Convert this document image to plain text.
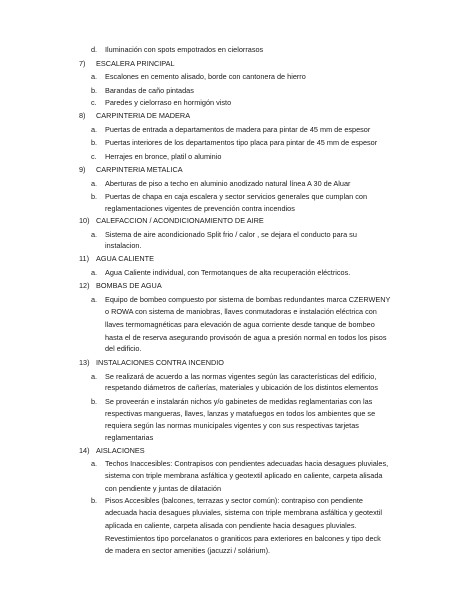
d. Iluminación con spots empotrados en cielorrasos
7) ESCALERA PRINCIPAL
a. Escalones en cemento alisado, borde con cantonera de hierro
b. Barandas de caño pintadas
c. Paredes y cielorraso en hormigón visto
8) CARPINTERIA DE MADERA
a. Puertas de entrada a departamentos de madera para pintar de 45 mm de espesor
b. Puertas interiores de los departamentos tipo placa para pintar de 45 mm de espesor
c. Herrajes en bronce, platil o aluminio
9) CARPINTERIA METALICA
a. Aberturas de piso a techo en aluminio anodizado natural línea A 30 de Aluar
b. Puertas de chapa en caja escalera y sector servicios generales que cumplan con
reglamentaciones vigentes de prevención contra incendios
10) CALEFACCION / ACONDICIONAMIENTO DE AIRE
a. Sistema de aire acondicionado Split frio / calor , se dejara el conducto para su
instalacion.
11) AGUA CALIENTE
a. Agua Caliente individual, con Termotanques de alta recuperación eléctricos.
12) BOMBAS DE AGUA
a. Equipo de bombeo compuesto por sistema de bombas redundantes marca CZERWENY
o ROWA con sistema de maniobras, llaves conmutadoras e instalación eléctrica con
llaves termomagnéticas para elevación de agua corriente desde tanque de bombeo
hasta el de reserva asegurando provisoón de agua a presión normal en todos los pisos
del edificio.
13) INSTALACIONES CONTRA INCENDIO
a. Se realizará de acuerdo a las normas vigentes según las características del edificio,
respetando diámetros de cañerías, materiales y ubicación de los distintos elementos
b. Se proveerán e instalarán nichos y/o gabinetes de medidas reglamentarias con las
respectivas mangueras, llaves, lanzas y matafuegos en todos los ambientes que se
requiera según las normas municipales vigentes y con sus respectivas tarjetas
reglamentarias
14) AISLACIONES
a. Techos Inaccesibles: Contrapisos con pendientes adecuadas hacia desagues pluviales,
sistema con triple membrana asfáltica y geotextil aplicado en caliente, carpeta alisada
con pendiente y juntas de dilatación
b. Pisos Accesibles (balcones, terrazas y sector común): contrapiso con pendiente
adecuada hacia desagues pluviales, sistema con triple membrana asfáltica y geotextil
aplicada en caliente, carpeta alisada con pendiente hacia desagues pluviales.
Revestimientos tipo porcelanatos o graniticos para exteriores en balcones y tipo deck
de madera en sector amenities (jacuzzi / solárium).
